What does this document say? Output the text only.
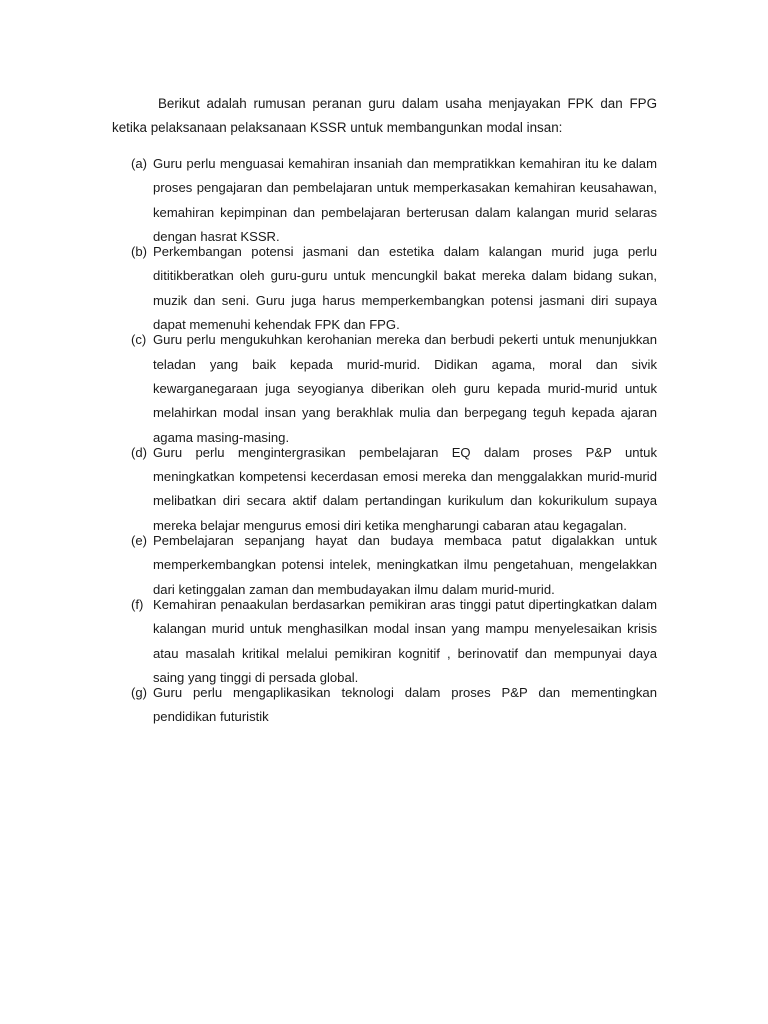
Berikut adalah rumusan peranan guru dalam usaha menjayakan FPK dan FPG ketika pelaksanaan pelaksanaan KSSR untuk membangunkan modal insan:

(a) Guru perlu menguasai kemahiran insaniah dan mempratikkan kemahiran itu ke dalam proses pengajaran dan pembelajaran untuk memperkasakan kemahiran keusahawan, kemahiran kepimpinan dan pembelajaran berterusan dalam kalangan murid selaras dengan hasrat KSSR.
(b) Perkembangan potensi jasmani dan estetika dalam kalangan murid juga perlu dititikberatkan oleh guru-guru untuk mencungkil bakat mereka dalam bidang sukan, muzik dan seni. Guru juga harus memperkembangkan potensi jasmani diri supaya dapat memenuhi kehendak FPK dan FPG.
(c) Guru perlu mengukuhkan kerohanian mereka dan berbudi pekerti untuk menunjukkan teladan yang baik kepada murid-murid. Didikan agama, moral dan sivik kewarganegaraan juga seyogianya diberikan oleh guru kepada murid-murid untuk melahirkan modal insan yang berakhlak mulia dan berpegang teguh kepada ajaran agama masing-masing.
(d) Guru perlu mengintergrasikan pembelajaran EQ dalam proses P&P untuk meningkatkan kompetensi kecerdasan emosi mereka dan menggalakkan murid-murid melibatkan diri secara aktif dalam pertandingan kurikulum dan kokurikulum supaya mereka belajar mengurus emosi diri ketika mengharungi cabaran atau kegagalan.
(e) Pembelajaran sepanjang hayat dan budaya membaca patut digalakkan untuk memperkembangkan potensi intelek, meningkatkan ilmu pengetahuan, mengelakkan dari ketinggalan zaman dan membudayakan ilmu dalam murid-murid.
(f) Kemahiran penaakulan berdasarkan pemikiran aras tinggi patut dipertingkatkan dalam kalangan murid untuk menghasilkan modal insan yang mampu menyelesaikan krisis atau masalah kritikal melalui pemikiran kognitif , berinovatif dan mempunyai daya saing yang tinggi di persada global.
(g) Guru perlu mengaplikasikan teknologi dalam proses P&P dan mementingkan pendidikan futuristik
